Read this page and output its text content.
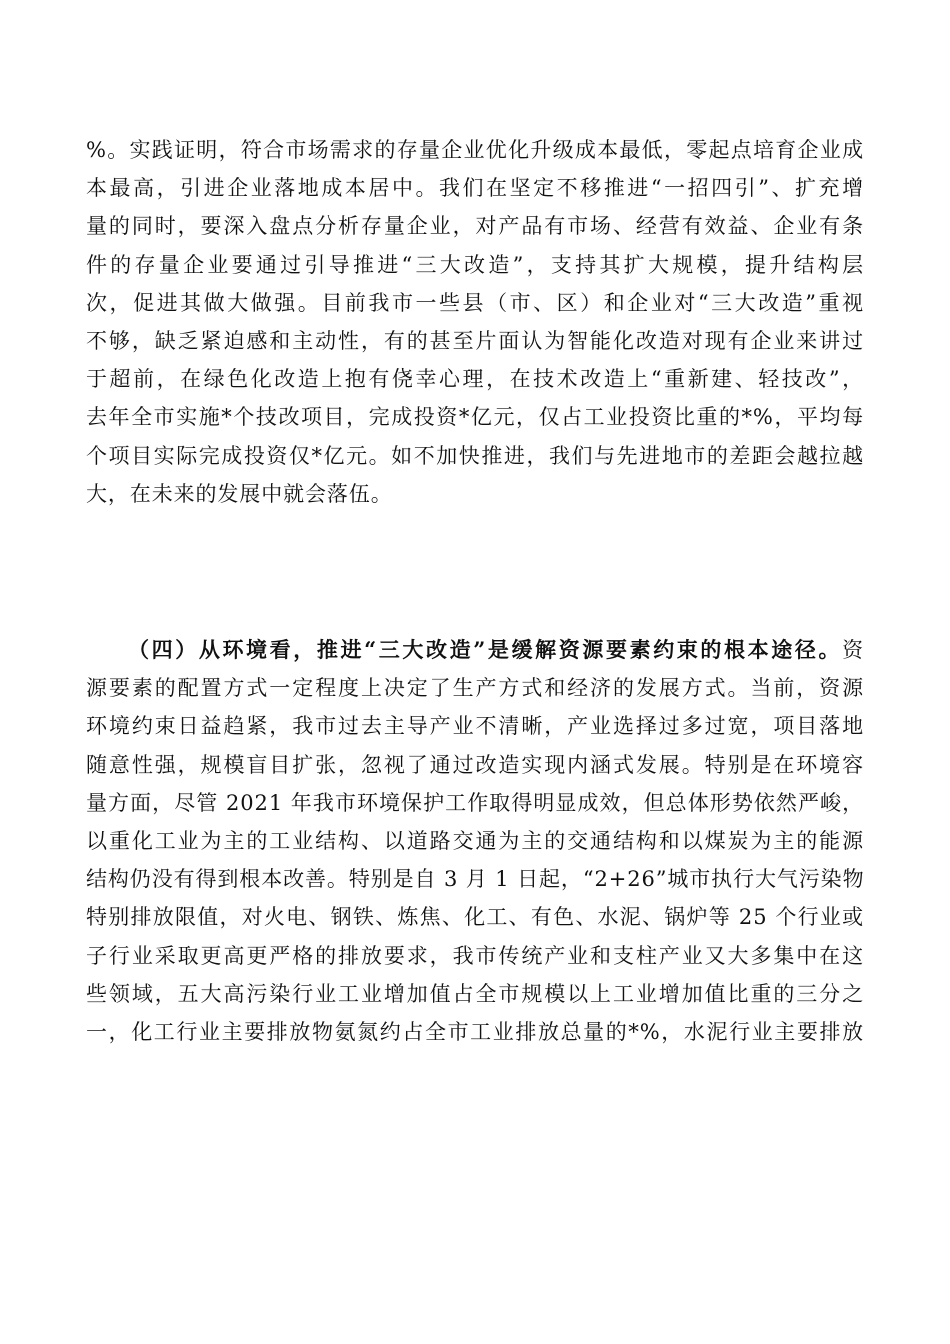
%。实践证明，符合市场需求的存量企业优化升级成本最低，零起点培育企业成
本最高，引进企业落地成本居中。我们在坚定不移推进“一招四引”、扩充增
量的同时，要深入盘点分析存量企业，对产品有市场、经营有效益、企业有条
件的存量企业要通过引导推进“三大改造”，支持其扩大规模，提升结构层
次，促进其做大做强。目前我市一些县（市、区）和企业对“三大改造”重视
不够，缺乏紧迫感和主动性，有的甚至片面认为智能化改造对现有企业来讲过
于超前，在绿色化改造上抱有侥幸心理，在技术改造上“重新建、轻技改”，
去年全市实施*个技改项目，完成投资*亿元，仅占工业投资比重的*%，平均每
个项目实际完成投资仅*亿元。如不加快推进，我们与先进地市的差距会越拉越
大，在未来的发展中就会落伍。
（四）从环境看，推进“三大改造”是缓解资源要素约束的根本途径。资
源要素的配置方式一定程度上决定了生产方式和经济的发展方式。当前，资源
环境约束日益趋紧，我市过去主导产业不清晰，产业选择过多过宽，项目落地
随意性强，规模盲目扩张，忽视了通过改造实现内涵式发展。特别是在环境容
量方面，尽管 2021 年我市环境保护工作取得明显成效，但总体形势依然严峻，
以重化工业为主的工业结构、以道路交通为主的交通结构和以煤炭为主的能源
结构仍没有得到根本改善。特别是自 3 月 1 日起，“2+26”城市执行大气污染物
特别排放限值，对火电、钢铁、炼焦、化工、有色、水泥、锅炉等 25 个行业或
子行业采取更高更严格的排放要求，我市传统产业和支柱产业又大多集中在这
些领域，五大高污染行业工业增加值占全市规模以上工业增加值比重的三分之
一，化工行业主要排放物氨氮约占全市工业排放总量的*%，水泥行业主要排放
